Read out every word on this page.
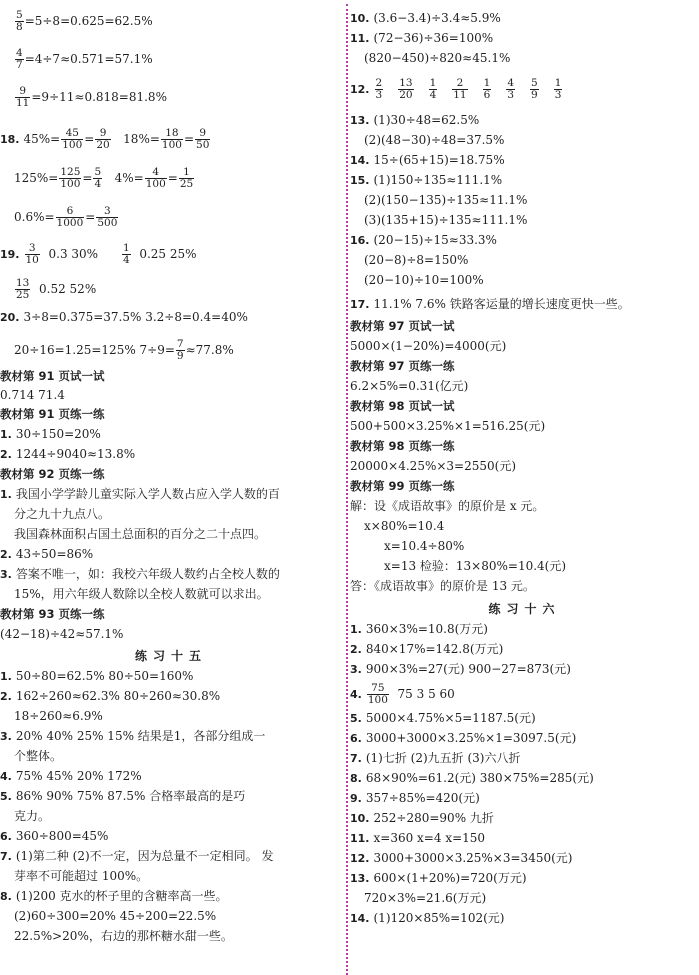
$\frac{5}{8} =5\div 8=0.625=62.5\%$
$\frac{4}{7} =4\div 7\approx 0.571=57.1\%$
$\frac{9}{11} =9\div 11\approx 0.818=81.8\%$
18. $45\%= \frac{45}{100} = \frac{9}{20} 18\%= \frac{18}{100} = \frac{9}{50}$
$125\%= \frac{125}{100} = \frac{5}{4} 4\%= \frac{4}{100} = \frac{1}{25}$
$0.6\%= \frac{6}{1000} = \frac{3}{500}$
19. $\frac{3}{10} 0.3$ $30\% \frac{1}{4} 0.25$ 25%
$\frac{13}{25} 0.52$ 52%
20. 3÷8=0.375=37.5% 3.2÷8=0.4=40%
20÷16=1.25=125% $7\div 9= \frac{7}{9} \approx 77.8\%$
教材第 91 页试一试
0.714 71.4
教材第 91 页练一练
1. 30÷150=20%
2. 1244÷9040≈13.8%
教材第 92 页练一练
1. 我国小学学龄儿童实际入学人数占应入学人数的百
分之九十九点八。
我国森林面积占国土总面积的百分之二十点四。
2. 43÷50=86%
3. 答案不唯一，如：我校六年级人数约占全校人数的
15%，用六年级人数除以全校人数就可以求出。
教材第 93 页练一练
(42−18)÷42≈57.1%
练习十五
1. 50÷80=62.5% 80÷50=160%
2. 162÷260≈62.3% 80÷260≈30.8%
18÷260≈6.9%
3. 20% 40% 25% 15% 结果是1，各部分组成一
个整体。
4. 75% 45% 20% 172%
5. 86% 90% 75% 87.5% 合格率最高的是巧
克力。
6. 360÷800=45%
7. (1)第二种 (2)不一定，因为总量不一定相同。 发
芽率不可能超过 100%。
8. (1)200 克水的杯子里的含糖率高一些。
(2)60÷300=20% 45÷200=22.5%
22.5%>20%，右边的那杯糖水甜一些。
10. (3.6−3.4)÷3.4≈5.9%
11. (72−36)÷36=100%
(820−450)÷820≈45.1%
12. $\frac{2}{3} \frac{13}{20} \frac{1}{4} \frac{2}{11} \frac{1}{6} \frac{4}{3} \frac{5}{9} \frac{1}{3}$
13. (1)30÷48=62.5%
(2)(48−30)÷48=37.5%
14. 15÷(65+15)=18.75%
15. (1)150÷135≈111.1%
(2)(150−135)÷135≈11.1%
(3)(135+15)÷135≈111.1%
16. (20−15)÷15≈33.3%
(20−8)÷8=150%
(20−10)÷10=100%
17. 11.1% 7.6% 铁路客运量的增长速度更快一些。
教材第 97 页试一试
5000×(1−20%)=4000(元)
教材第 97 页练一练
6.2×5%=0.31(亿元)
教材第 98 页试一试
500+500×3.25%×1=516.25(元)
教材第 98 页练一练
20000×4.25%×3=2550(元)
教材第 99 页练一练
解：设《成语故事》的原价是 x 元。
x×80%=10.4
x=10.4÷80%
x=13 检验：13×80%=10.4(元)
答：《成语故事》的原价是 13 元。
练习十六
1. 360×3%=10.8(万元)
2. 840×17%=142.8(万元)
3. 900×3%=27(元) 900−27=873(元)
4. $\frac{75}{100} 75$ 3 5 60
5. 5000×4.75%×5=1187.5(元)
6. 3000+3000×3.25%×1=3097.5(元)
7. (1)七折 (2)九五折 (3)六八折
8. 68×90%=61.2(元) 380×75%=285(元)
9. 357÷85%=420(元)
10. 252÷280=90% 九折
11. x=360 x=4 x=150
12. 3000+3000×3.25%×3=3450(元)
13. 600×(1+20%)=720(万元)
720×3%=21.6(万元)
14. (1)120×85%=102(元)
